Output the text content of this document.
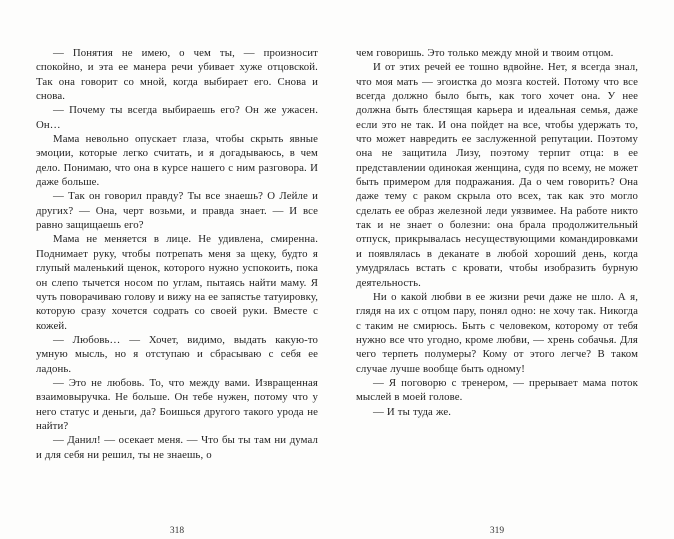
— Понятия не имею, о чем ты, — произносит спокойно, и эта ее манера речи убивает хуже отцовской. Так она говорит со мной, когда выбирает его. Снова и снова.

— Почему ты всегда выбираешь его? Он же ужасен. Он…

Мама невольно опускает глаза, чтобы скрыть явные эмоции, которые легко считать, и я догадываюсь, в чем дело. Понимаю, что она в курсе нашего с ним разговора. И даже больше.

— Так он говорил правду? Ты все знаешь? О Лейле и других? — Она, черт возьми, и правда знает. — И все равно защищаешь его?

Мама не меняется в лице. Не удивлена, смиренна. Поднимает руку, чтобы потрепать меня за щеку, будто я глупый маленький щенок, которого нужно успокоить, пока он слепо тычется носом по углам, пытаясь найти маму. Я чуть поворачиваю голову и вижу на ее запястье татуировку, которую сразу хочется содрать со своей руки. Вместе с кожей.

— Любовь… — Хочет, видимо, выдать какую-то умную мысль, но я отступаю и сбрасываю с себя ее ладонь.

— Это не любовь. То, что между вами. Извращенная взаимовыручка. Не больше. Он тебе нужен, потому что у него статус и деньги, да? Боишься другого такого урода не найти?

— Данил! — осекает меня. — Что бы ты там ни думал и для себя ни решил, ты не знаешь, о

318

чем говоришь. Это только между мной и твоим отцом.

И от этих речей ее тошно вдвойне. Нет, я всегда знал, что моя мать — эгоистка до мозга костей. Потому что все всегда должно было быть, как того хочет она. У нее должна быть блестящая карьера и идеальная семья, даже если это не так. И она пойдет на все, чтобы удержать то, что может навредить ее заслуженной репутации. Поэтому она не защитила Лизу, поэтому терпит отца: в ее представлении одинокая женщина, судя по всему, не может быть примером для подражания. Да о чем говорить? Она даже тему с раком скрыла ото всех, так как это могло сделать ее образ железной леди уязвимее. На работе никто так и не знает о болезни: она брала продолжительный отпуск, прикрывалась несуществующими командировками и появлялась в деканате в любой хороший день, когда умудрялась встать с кровати, чтобы изобразить бурную деятельность.

Ни о какой любви в ее жизни речи даже не шло. А я, глядя на их с отцом пару, понял одно: не хочу так. Никогда с таким не смирюсь. Быть с человеком, которому от тебя нужно все что угодно, кроме любви, — хрень собачья. Для чего терпеть полумеры? Кому от этого легче? В таком случае лучше вообще быть одному!

— Я поговорю с тренером, — прерывает мама поток мыслей в моей голове.

— И ты туда же.

319
